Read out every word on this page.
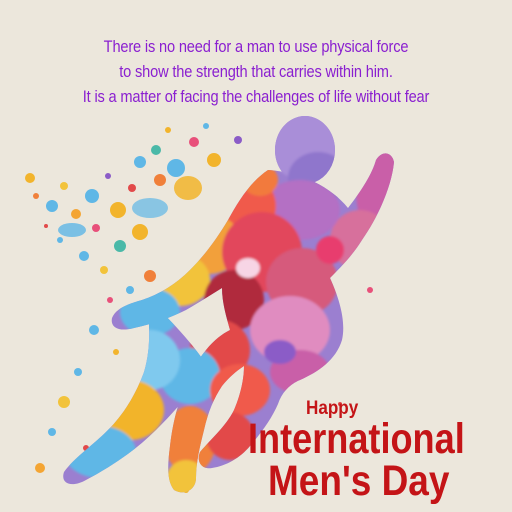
There is no need for a man to use physical force
to show the strength that carries within him.
It is a matter of facing the challenges of life without fear
Happy
International
Men's Day
